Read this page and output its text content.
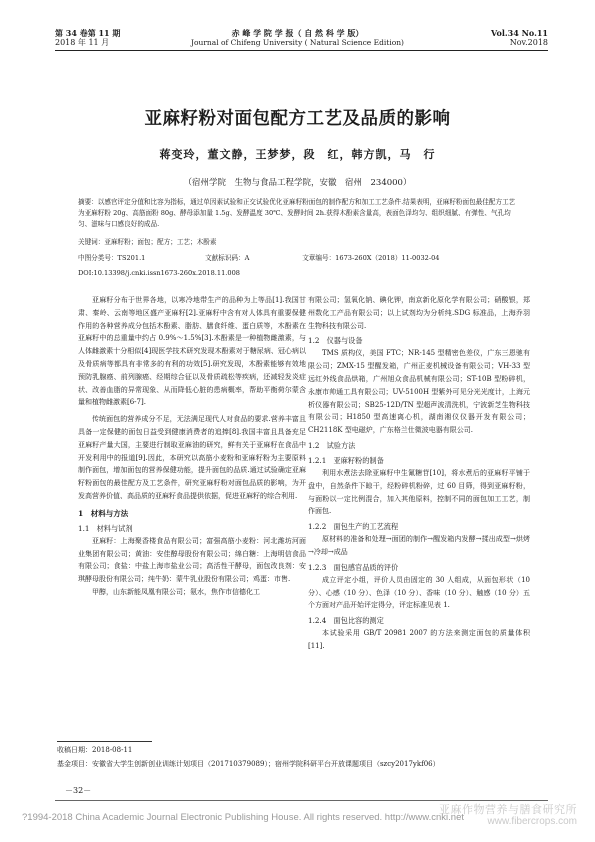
第 34 卷第 11 期
2018 年 11 月
赤 峰 学 院 学 报（ 自 然 科 学 版）
Journal of Chifeng University ( Natural Science Edition)
Vol.34 No.11
Nov.2018
亚麻籽粉对面包配方工艺及品质的影响
蒋变玲，董文静，王梦梦，段　红，韩方凯，马　行
（宿州学院　生物与食品工程学院，安徽　宿州　234000）
摘要：以感官评定分值和比容为指标，通过单因素试验和正交试验优化亚麻籽粉面包的制作配方和加工工艺条件.结果表明，亚麻籽粉面包最佳配方工艺为亚麻籽粉 20g、高筋面粉 80g、酵母添加量 1.5g、发酵温度 30℃、发酵时间 2h.获得木酚素含量高，表面色泽均匀、组织细腻、有弹性、气孔均匀、滋味与口感良好的成品.
关键词：亚麻籽粉；面包；配方；工艺；木酚素
中图分类号：TS201.1	文献标识码：A	文章编号：1673-260X（2018）11-0032-04
DOI:10.13398/j.cnki.issn1673-260x.2018.11.008

亚麻籽分布于世界各地，以寒冷地带生产的品种为上等品[1].我国甘肃、秦岭、云南等地区盛产亚麻籽[2].亚麻籽中含有对人体具有重要保健作用的各种营养成分包括木酚素、脂肪、膳食纤维、蛋白质等，木酚素在亚麻籽中的总重量中约占 0.9%～1.5%[3].木酚素是一种植物雌激素，与人体雌激素十分相似[4]现医学技术研究发现木酚素对于糖尿病、冠心病以及骨质病等都具有非常多的有利的功效[5].研究发现，木酚素能够有效地预防乳腺癌、前列腺癌、经期综合征以及骨质疏松等疾病，还减轻发炎症状、改善血脂的异常现象、从而降低心脏的患病概率，帮助平衡荷尔蒙含量和植物雌激素[6-7].

传统面包的营养成分不足，无法满足现代人对食品的要求.营养丰富且具备一定保健的面包日益受到健康消费者的追捧[8].我国丰富且具备充足亚麻籽产量大国，主要进行制取亚麻油的研究，鲜有关于亚麻籽在食品中开发利用中的报道[9].因此，本研究以高筋小麦粉和亚麻籽粉为主要原料制作面包，增加面包的营养保健功能，提升面包的品质.通过试验确定亚麻籽粉面包的最佳配方及工艺条件，研究亚麻籽粉对面包品质的影响，为开发高营养价值、高品质的亚麻籽食品提供依据，促进亚麻籽的综合利用.

1　材料与方法
1.1　材料与试剂

亚麻籽：上海聚香楼食品有限公司；富强高筋小麦粉：河北潍坊河面业集团有限公司；黄油：安佳醇母股份有限公司；绵白糖：上海明信食品有限公司；食盐：中盐上海市盐业公司；高活性干酵母，面包改良剂：安琪酵母股份有限公司；纯牛奶：蒙牛乳业股份有限公司；鸡蛋：市售.

甲醇，山东新能凤凰有限公司；氨水，焦作市信德化工

有限公司；氢氧化钠、碘化钾，南京新化原化学有限公司；硝酸银，郑州数化工产品有限公司；以上试剂均为分析纯.SDG 标准品，上海乔羽生物科技有限公司.

1.2　仪器与设备

TMS 质构仪，美国 FTC；NR-145 型精密色差仪，广东三恩驰有限公司；ZMX-15 型醒发箱，广州正麦机械设备有限公司；VH-33 型远红外线食品烘箱，广州旭众食品机械有限公司；ST-10B 型粉碎机，永康市帅通工具有限公司；UV-5100H 型紫外可见分光光度计，上海元析仪器有限公司；SB25-12D/TN 型超声波清洗机，宁波新芝生物科技有限公司；H1850 型高速离心机，湖南湘仪仪器开发有限公司；CH2118K 型电磁炉，广东格兰仕微波电器有限公司.

1.2　试验方法
1.2.1　亚麻籽粉的制备

利用水煮法去除亚麻籽中生氰糖苷[10]，将水煮后的亚麻籽平铺于盘中，自然条件下晾干，经粉碎机粉碎，过 60 目筛，得到亚麻籽粉，与面粉以一定比例混合，加入其他原料，控制不同的面包加工工艺，制作面包.

1.2.2　面包生产的工艺流程

原材料的准备和处理→面团的制作→醒发箱内发酵→揉出成型→烘烤→冷却→成品

1.2.3　面包感官品质的评价

成立评定小组，评价人员由固定的 30 人组成，从面包形状（10 分）、心感（10 分）、色泽（10 分）、香味（10 分）、触感（10 分）五个方面对产品开始评定得分，评定标准见表 1.

1.2.4　面包比容的测定

本试验采用 GB/T 20981 2007 的方法来测定面包的质量体积[11].

收稿日期：2018-08-11
基金项目：安徽省大学生创新创业训练计划项目（201710379089）；宿州学院科研平台开放课题项目（szcy2017ykf06）
－32－
?1994-2018 China Academic Journal Electronic Publishing House. All rights reserved. http://www.cnki.net
亚麻作物营养与膳食研究所
www.fibercrops.com
